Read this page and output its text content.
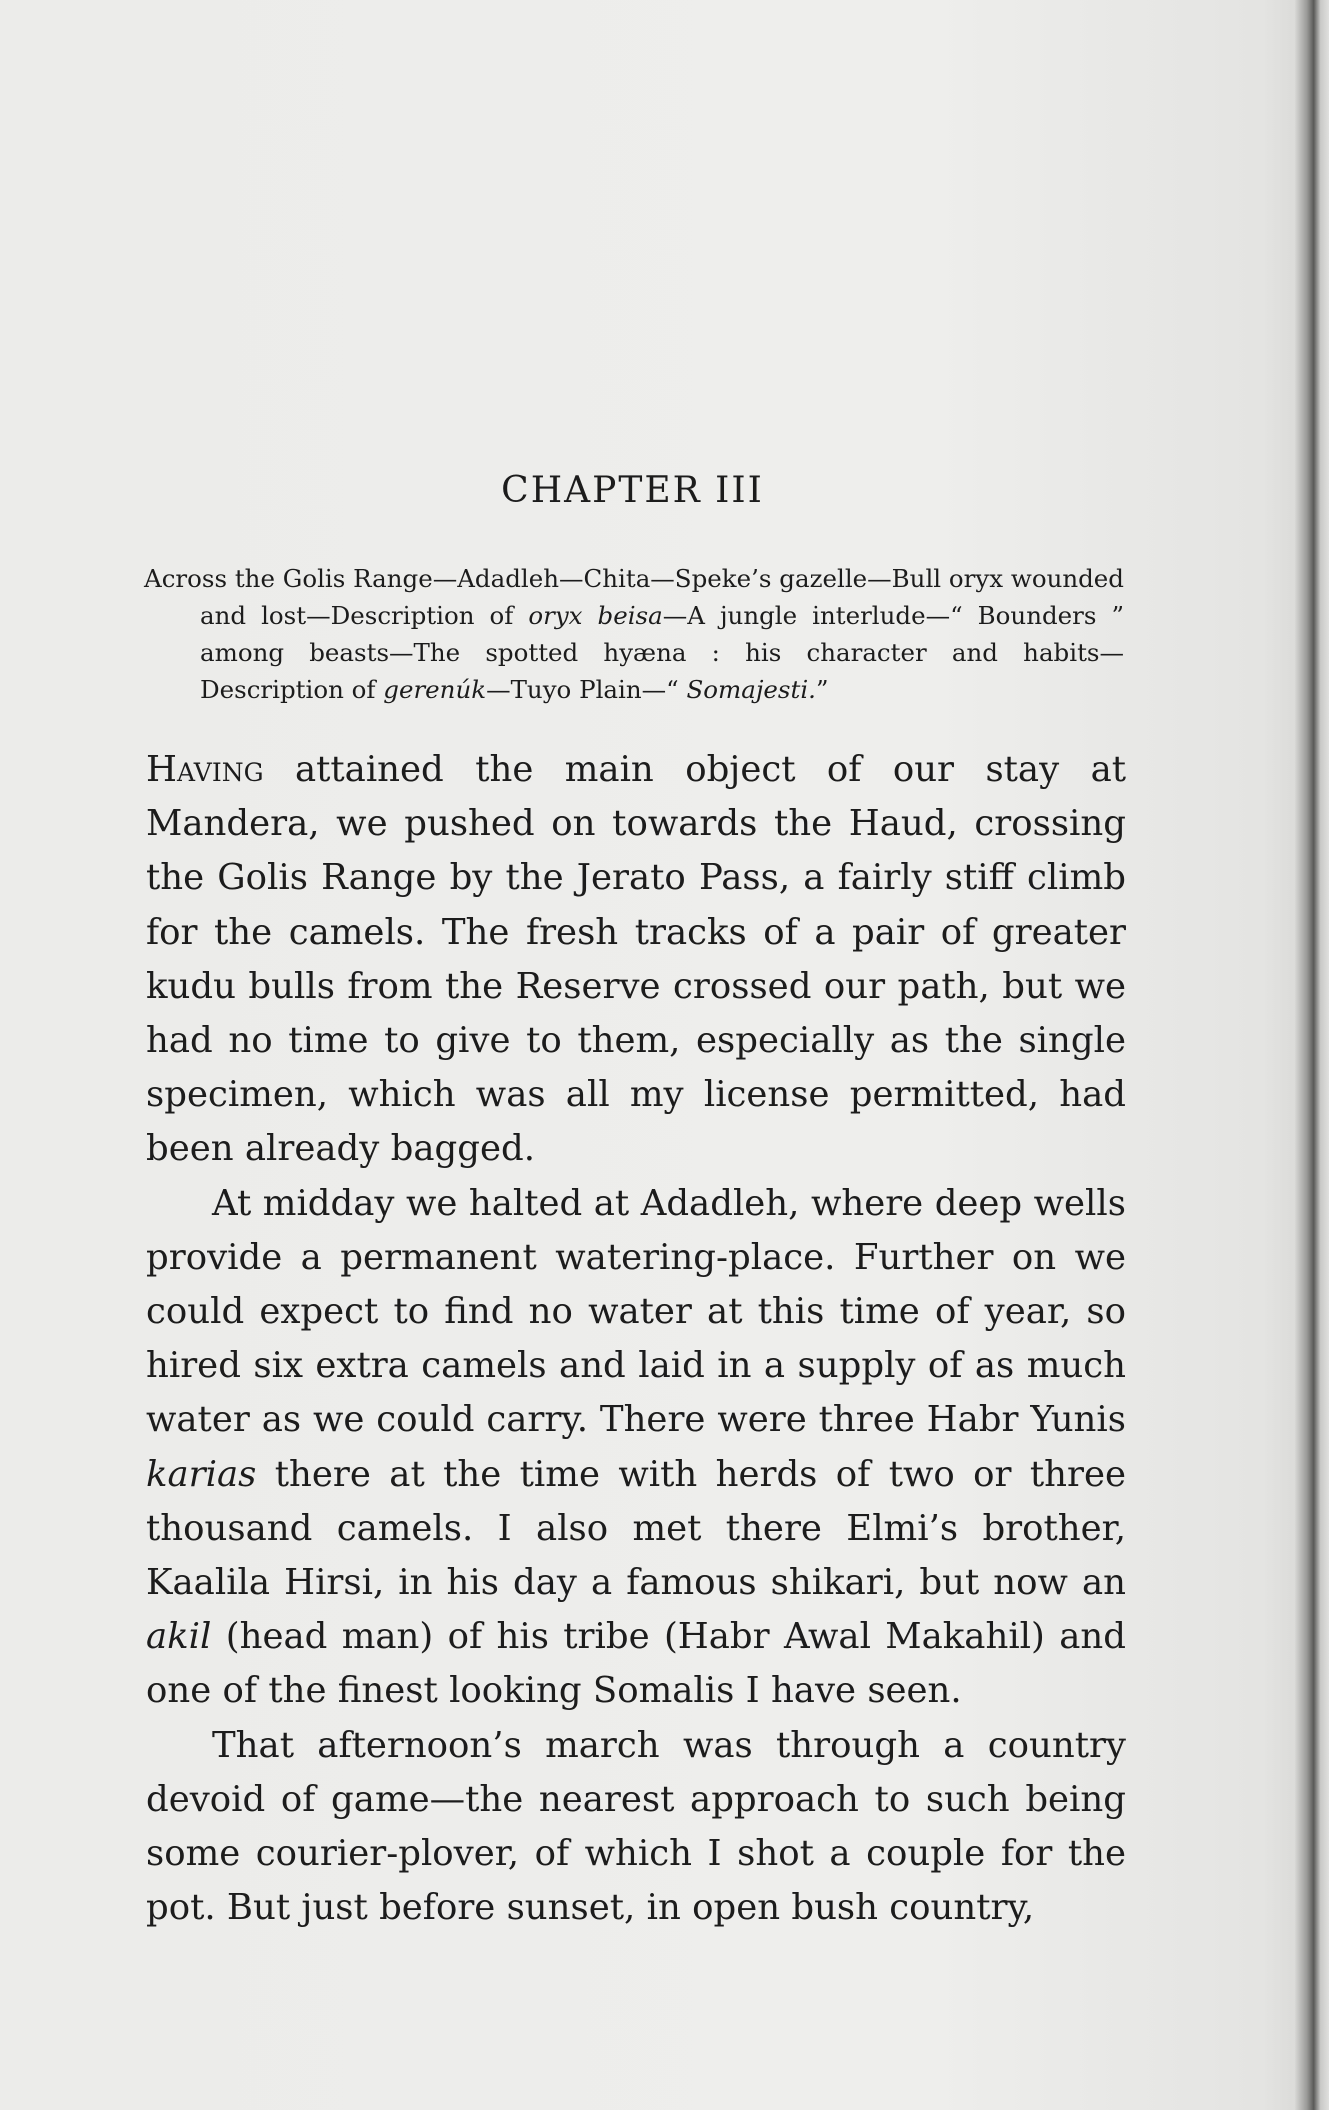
CHAPTER III
Across the Golis Range—Adadleh—Chita—Speke’s gazelle—Bull oryx wounded and lost—Description of oryx beisa—A jungle interlude—“ Bounders ” among beasts—The spotted hyæna : his character and habits—Description of gerenúk—Tuyo Plain—“ Somajesti.”

Having attained the main object of our stay at Mandera, we pushed on towards the Haud, crossing the Golis Range by the Jerato Pass, a fairly stiff climb for the camels. The fresh tracks of a pair of greater kudu bulls from the Reserve crossed our path, but we had no time to give to them, especially as the single specimen, which was all my license permitted, had been already bagged.

At midday we halted at Adadleh, where deep wells provide a permanent watering-place. Further on we could expect to find no water at this time of year, so hired six extra camels and laid in a supply of as much water as we could carry. There were three Habr Yunis karias there at the time with herds of two or three thousand camels. I also met there Elmi’s brother, Kaalila Hirsi, in his day a famous shikari, but now an akil (head man) of his tribe (Habr Awal Makahil) and one of the finest looking Somalis I have seen.

That afternoon’s march was through a country devoid of game—the nearest approach to such being some courier-plover, of which I shot a couple for the pot. But just before sunset, in open bush country,
